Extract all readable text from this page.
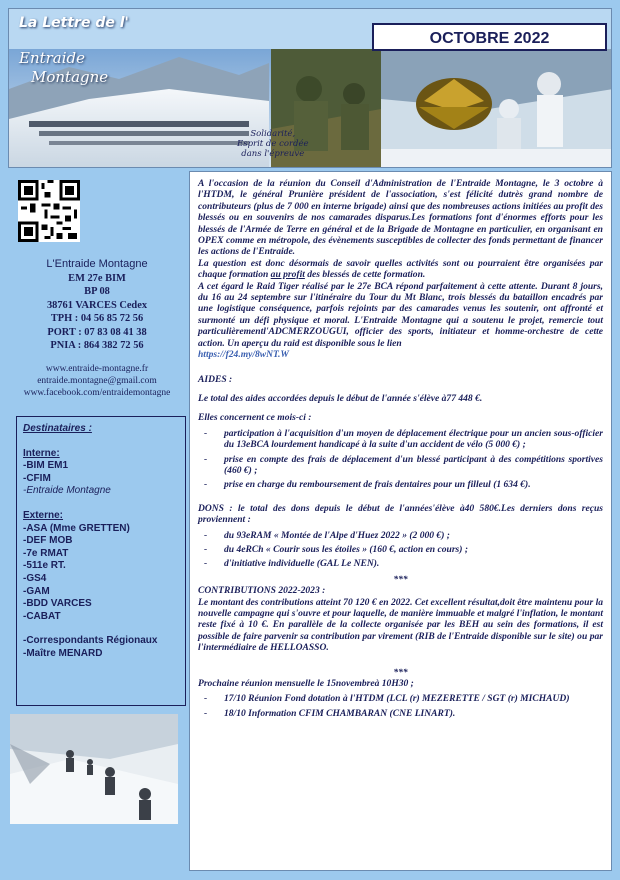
La Lettre de l'
Entraide
Montagne
OCTOBRE 2022
Solidarité,
Esprit de cordée
dans l'épreuve
L'Entraide Montagne
EM 27e BIM
BP 08
38761 VARCES Cedex
TPH : 04 56 85 72 56
PORT : 07 83 08 41 38
PNIA : 864 382 72 56
www.entraide-montagne.fr
entraide.montagne@gmail.com
www.facebook.com/entraidemontagne
Destinataires :
Interne:
-BIM EM1
-CFIM
-Entraide Montagne
Externe:
-ASA (Mme GRETTEN)
-DEF MOB
-7e RMAT
-511e RT.
-GS4
-GAM
-BDD VARCES
-CABAT
-Correspondants Régionaux
-Maître MENARD

A l'occasion de la réunion du Conseil d'Administration de l'Entraide Montagne, le 3 octobre à l'HTDM, le général Prunière président de l'association, s'est félicité dutrès grand nombre de contributeurs (plus de 7 000 en interne brigade) ainsi que des nombreuses actions initiées au profit des blessés ou en souvenirs de nos camarades disparus.Les formations font d'énormes efforts pour les blessés de l'Armée de Terre en général et de la Brigade de Montagne en particulier, en organisant en OPEX comme en métropole, des évènements susceptibles de collecter des fonds permettant de financer les actions de l'Entraide.

La question est donc désormais de savoir quelles activités sont ou pourraient être organisées par chaque formation au profit des blessés de cette formation.

A cet égard le Raid Tiger réalisé par le 27e BCA répond parfaitement à cette attente. Durant 8 jours, du 16 au 24 septembre sur l'itinéraire du Tour du Mt Blanc, trois blessés du bataillon encadrés par une logistique conséquence, parfois rejoints par des camarades venus les soutenir, ont affronté et surmonté un défi physique et moral. L'Entraide Montagne qui a soutenu le projet, remercie tout particulièrementl'ADCMERZOUGUI, officier des sports, initiateur et homme-orchestre de cette action. Un aperçu du raid est disponible sous le lien

https://f24.my/8wNT.W

AIDES :

Le total des aides accordées depuis le début de l'année s'élève à77 448 €.

Elles concernent ce mois-ci :

- participation à l'acquisition d'un moyen de déplacement électrique pour un ancien sous-officier du 13eBCA lourdement handicapé à la suite d'un accident de vélo (5 000 €) ;
- prise en compte des frais de déplacement d'un blessé participant à des compétitions sportives (460 €) ;
- prise en charge du remboursement de frais dentaires pour un filleul (1 634 €).

DONS : le total des dons depuis le début de l'années'élève à40 580€.Les derniers dons reçus proviennent :

- du 93eRAM « Montée de l'Alpe d'Huez 2022 » (2 000 €) ;
- du 4eRCh « Courir sous les étoiles » (160 €, action en cours) ;
- d'initiative individuelle (GAL Le NEN).

***

CONTRIBUTIONS 2022-2023 :

Le montant des contributions atteint 70 120 € en 2022. Cet excellent résultat,doit être maintenu pour la nouvelle campagne qui s'ouvre et pour laquelle, de manière immuable et malgré l'inflation, le montant reste fixé à 10 €. En parallèle de la collecte organisée par les BEH au sein des formations, il est possible de faire parvenir sa contribution par virement (RIB de l'Entraide disponible sur le site) ou par l'intermédiaire de HELLOASSO.

***

Prochaine réunion mensuelle le 15novembreà 10H30 ;

- 17/10 Réunion Fond dotation à l'HTDM (LCL (r) MEZERETTE / SGT (r) MICHAUD)
- 18/10 Information CFIM CHAMBARAN (CNE LINART).
